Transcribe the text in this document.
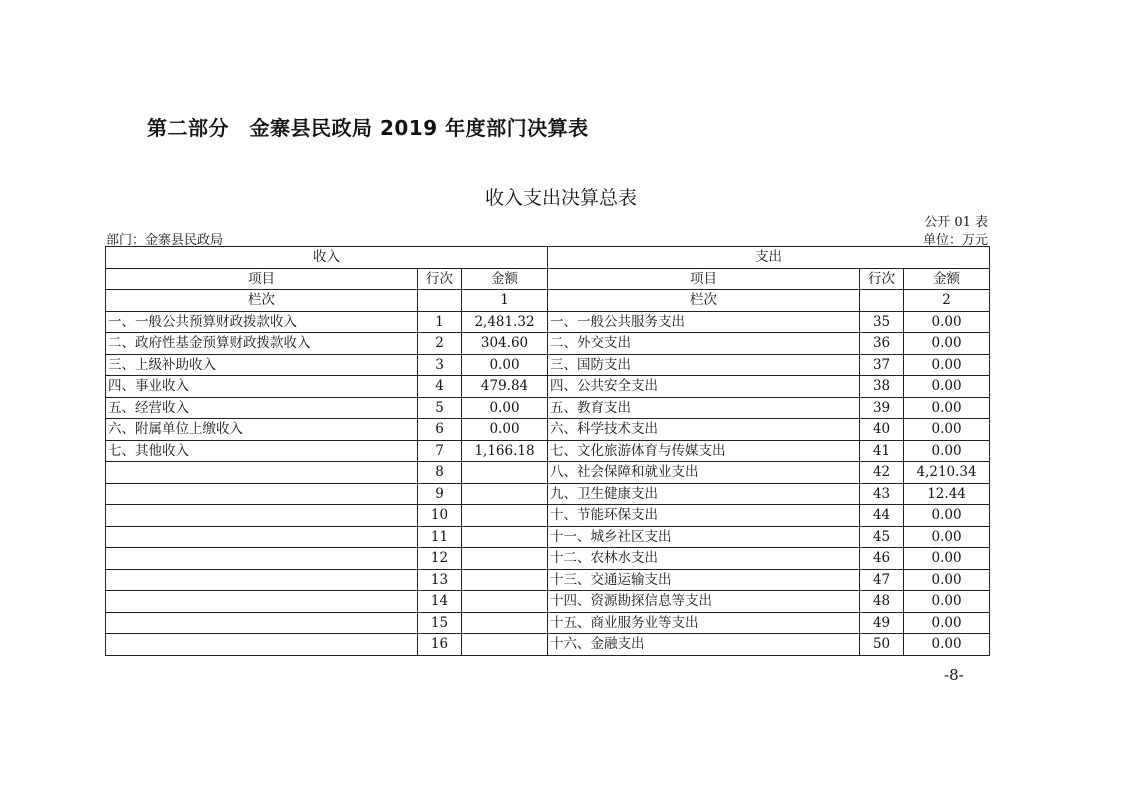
第二部分　金寨县民政局 2019 年度部门决算表
收入支出决算总表
公开 01 表
部门：金寨县民政局	单位：万元
收入			支出		
项目	行次	金额	项目	行次	金额
栏次		1	栏次		2
一、一般公共预算财政拨款收入	1	2,481.32	一、一般公共服务支出	35	0.00
二、政府性基金预算财政拨款收入	2	304.60	二、外交支出	36	0.00
三、上级补助收入	3	0.00	三、国防支出	37	0.00
四、事业收入	4	479.84	四、公共安全支出	38	0.00
五、经营收入	5	0.00	五、教育支出	39	0.00
六、附属单位上缴收入	6	0.00	六、科学技术支出	40	0.00
七、其他收入	7	1,166.18	七、文化旅游体育与传媒支出	41	0.00
	8		八、社会保障和就业支出	42	4,210.34
	9		九、卫生健康支出	43	12.44
	10		十、节能环保支出	44	0.00
	11		十一、城乡社区支出	45	0.00
	12		十二、农林水支出	46	0.00
	13		十三、交通运输支出	47	0.00
	14		十四、资源勘探信息等支出	48	0.00
	15		十五、商业服务业等支出	49	0.00
	16		十六、金融支出	50	0.00
-8-
